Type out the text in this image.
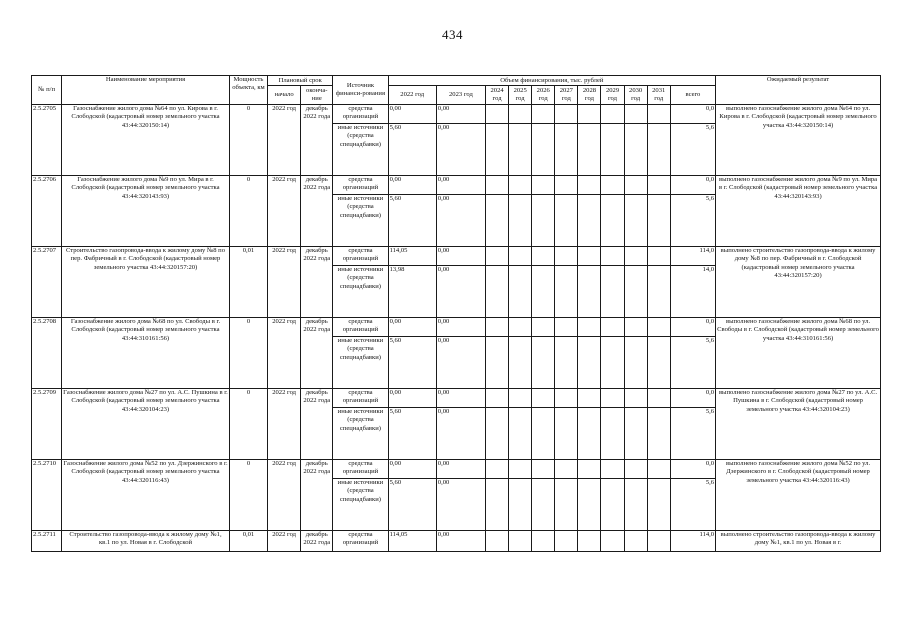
434
№ п/п	Наименование мероприятия	Мощность объекта, км	Плановый срок		Источник финанси-рования	Объем финансирования, тыс. рублей											Ожидаемый результат
			начало	оконча-ние		2022 год	2023 год	2024 год	2025 год	2026 год	2027 год	2028 год	2029 год	2030 год	2031 год	всего	

2.5.2705	Газоснабжение жилого дома №64 по ул. Кирова в г. Слободской (кадастровый номер земельного участка 43:44:320150:14)	0	2022 год	декабрь 2022 года	средства организаций	0,00	0,00									0,0	выполнено газоснабжение жилого дома №64 по ул. Кирова в г. Слободской (кадастровый номер земельного участка 43:44:320150:14)
					иные источники (средства спецнадбавки)	5,60	0,00									5,6	
2.5.2706	Газоснабжение жилого дома №9 по ул. Мира в г. Слободской (кадастровый номер земельного участка 43:44:320143:93)	0	2022 год	декабрь 2022 года	средства организаций	0,00	0,00									0,0	выполнено газоснабжение жилого дома №9 по ул. Мира в г. Слободской (кадастровый номер земельного участка 43:44:320143:93)
					иные источники (средства спецнадбавки)	5,60	0,00									5,6	
2.5.2707	Строительство газопровода-ввода к жилому дому №8 по пер. Фабричный в г. Слободской (кадастровый номер земельного участка 43:44:320157:20)	0,01	2022 год	декабрь 2022 года	средства организаций	114,05	0,00									114,0	выполнено строительство газопровода-ввода к жилому дому №8 по пер. Фабричный в г. Слободской (кадастровый номер земельного участка 43:44:320157:20)
					иные источники (средства спецнадбавки)	13,98	0,00									14,0	
2.5.2708	Газоснабжение жилого дома №68 по ул. Свободы в г. Слободской (кадастровый номер земельного участка 43:44:310161:56)	0	2022 год	декабрь 2022 года	средства организаций	0,00	0,00									0,0	выполнено газоснабжение жилого дома №68 по ул. Свободы в г. Слободской (кадастровый номер земельного участка 43:44:310161:56)
					иные источники (средства спецнадбавки)	5,60	0,00									5,6	
2.5.2709	Газоснабжение жилого дома №27 по ул. А.С. Пушкина в г. Слободской (кадастровый номер земельного участка 43:44:320104:23)	0	2022 год	декабрь 2022 года	средства организаций	0,00	0,00									0,0	выполнено газоснабжение жилого дома №27 по ул. А.С. Пушкина в г. Слободской (кадастровый номер земельного участка 43:44:320104:23)
					иные источники (средства спецнадбавки)	5,60	0,00									5,6	
2.5.2710	Газоснабжение жилого дома №52 по ул. Дзержинского в г. Слободской (кадастровый номер земельного участка 43:44:320116:43)	0	2022 год	декабрь 2022 года	средства организаций	0,00	0,00									0,0	выполнено газоснабжение жилого дома №52 по ул. Дзержинского в г. Слободской (кадастровый номер земельного участка 43:44:320116:43)
					иные источники (средства спецнадбавки)	5,60	0,00									5,6	
2.5.2711	Строительство газопровода-ввода к жилому дому №1, кв.1 по ул. Новая в г. Слободской	0,01	2022 год	декабрь 2022 года	средства организаций	114,05	0,00									114,0	выполнено строительство газопровода-ввода к жилому дому №1, кв.1 по ул. Новая в г.
